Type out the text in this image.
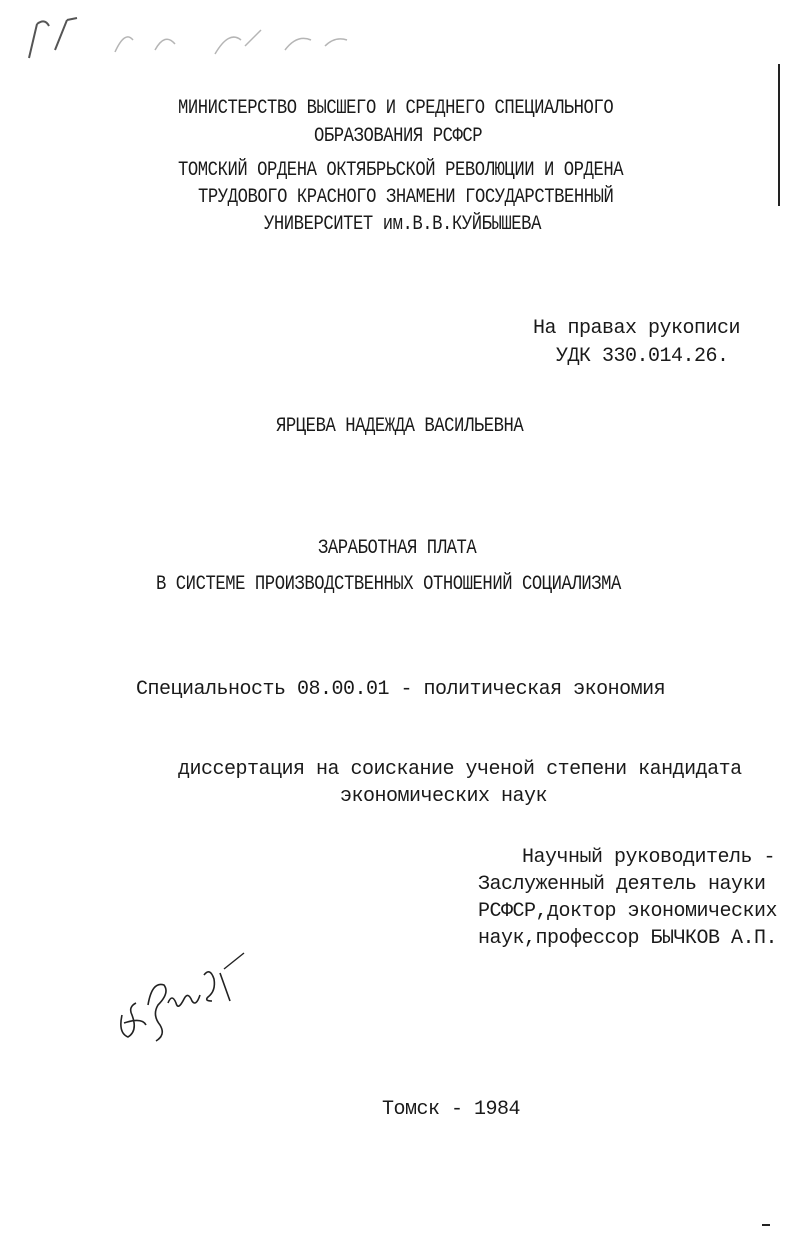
МИНИСТЕРСТВО ВЫСШЕГО И СРЕДНЕГО СПЕЦИАЛЬНОГО
ОБРАЗОВАНИЯ РСФСР
ТОМСКИЙ ОРДЕНА ОКТЯБРЬСКОЙ РЕВОЛЮЦИИ И ОРДЕНА
ТРУДОВОГО КРАСНОГО ЗНАМЕНИ ГОСУДАРСТВЕННЫЙ
УНИВЕРСИТЕТ им.В.В.КУЙБЫШЕВА
На правах рукописи
УДК 330.014.26.
ЯРЦЕВА НАДЕЖДА ВАСИЛЬЕВНА
ЗАРАБОТНАЯ ПЛАТА
В СИСТЕМЕ ПРОИЗВОДСТВЕННЫХ ОТНОШЕНИЙ СОЦИАЛИЗМА
Специальность 08.00.01 - политическая экономия
диссертация на соискание ученой степени кандидата
экономических наук
Научный руководитель -
Заслуженный деятель науки
РСФСР,доктор экономических
наук,профессор БЫЧКОВ А.П.
Томск - 1984
